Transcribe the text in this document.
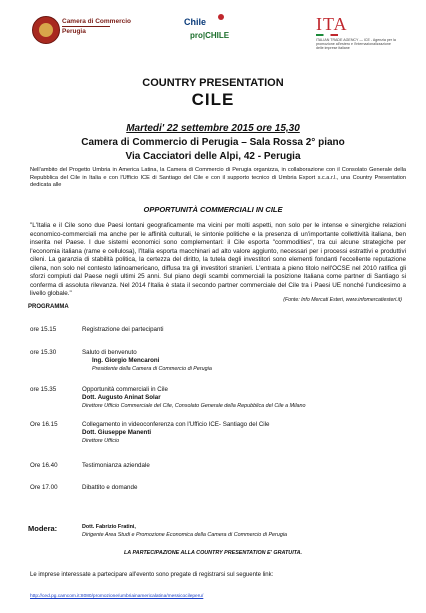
Camera di Commercio
Perugia
Chile
pro|CHILE
ITA
ITALIAN TRADE AGENCY — ICE - Agenzia per la promozione all'estero e l'internazionalizzazione delle imprese italiane
COUNTRY PRESENTATION
CILE
Martedi' 22 settembre 2015 ore 15,30
Camera di Commercio di Perugia – Sala Rossa 2° piano
Via Cacciatori delle Alpi, 42 - Perugia
Nell'ambito del Progetto Umbria in America Latina, la Camera di Commercio di Perugia organizza, in collaborazione con il Consolato Generale della Repubblica del Cile in Italia e con l'Ufficio ICE di Santiago del Cile e con il supporto tecnico di Umbria Export s.c.a.r.l., una Country Presentation dedicata alle
OPPORTUNITÀ COMMERCIALI IN CILE
"L'Italia e il Cile sono due Paesi lontani geograficamente ma vicini per molti aspetti, non solo per le intense e sinergiche relazioni economico-commerciali ma anche per le affinità culturali, le sintonie politiche e la presenza di un'importante collettività italiana, ben inserita nel Paese. I due sistemi economici sono complementari: il Cile esporta "commodities", tra cui alcune strategiche per l'economia italiana (rame e cellulosa), l'Italia esporta macchinari ad alto valore aggiunto, necessari per i processi estrattivi e produttivi cileni. La garanzia di stabilità politica, la certezza del diritto, la tutela degli investitori sono elementi fondanti l'eccellente reputazione cilena, non solo nel contesto latinoamericano, diffusa tra gli investitori stranieri. L'entrata a pieno titolo nell'OCSE nel 2010 ratifica gli sforzi compiuti dal Paese negli ultimi 25 anni. Sul piano degli scambi commerciali la posizione Italiana come partner di Santiago si conferma di assoluta rilevanza. Nel 2014 l'Italia è stata il secondo partner commerciale del Cile tra i Paesi UE nonché l'undicesimo a livello globale."
(Fonte: Info Mercati Esteri, www.infomercatiesteri.it)
PROGRAMMA
ore 15.15	Registrazione dei partecipanti
ore 15.30	Saluto di benvenuto
Ing. Giorgio Mencaroni
Presidente della Camera di Commercio di Perugia
ore 15.35	Opportunità commerciali in Cile
Dott. Augusto Aninat Solar
Direttore Ufficio Commerciale del Cile, Consolato Generale della Repubblica del Cile a Milano
Ore 16.15	Collegamento in videoconferenza con l'Ufficio ICE- Santiago del Cile
Dott. Giuseppe Manenti
Direttore Ufficio
Ore 16.40	Testimonianza aziendale
Ore 17.00	Dibattito e domande
Modera:	Dott. Fabrizio Fratini,
Dirigente Area Studi e Promozione Economica della Camera di Commercio di Perugia
LA PARTECIPAZIONE ALLA COUNTRY PRESENTATION E' GRATUITA.
Le imprese interessate a partecipare all'evento sono pregate di registrarsi sul seguente link:
http://ced.pg.camcom.it:8080/promozione/umbriainamericalatina/messicocileperu/
